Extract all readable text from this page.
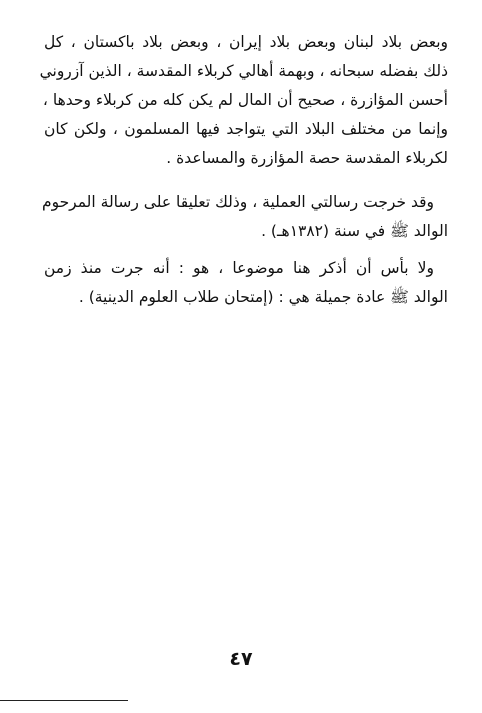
وبعض بلاد لبنان وبعض بلاد إيران ، وبعض بلاد باكستان ، كل
ذلك بفضله سبحانه ، وبهمة أهالي كربلاء المقدسة ، الذين آزروني
أحسن المؤازرة ، صحيح أن المال لم يكن كله من كربلاء وحدها ،
وإنما من مختلف البلاد التي يتواجد فيها المسلمون ، ولكن كان
لكربلاء المقدسة حصة المؤازرة والمساعدة .
وقد خرجت رسالتي العملية ، وذلك تعليقا على رسالة المرحوم
الوالد ﷺ في سنة (١٣٨٢هـ) .
ولا بأس أن أذكر هنا موضوعا ، هو : أنه جرت منذ زمن
الوالد ﷺ عادة جميلة هي : (إمتحان طلاب العلوم الدينية) .
٤٧
